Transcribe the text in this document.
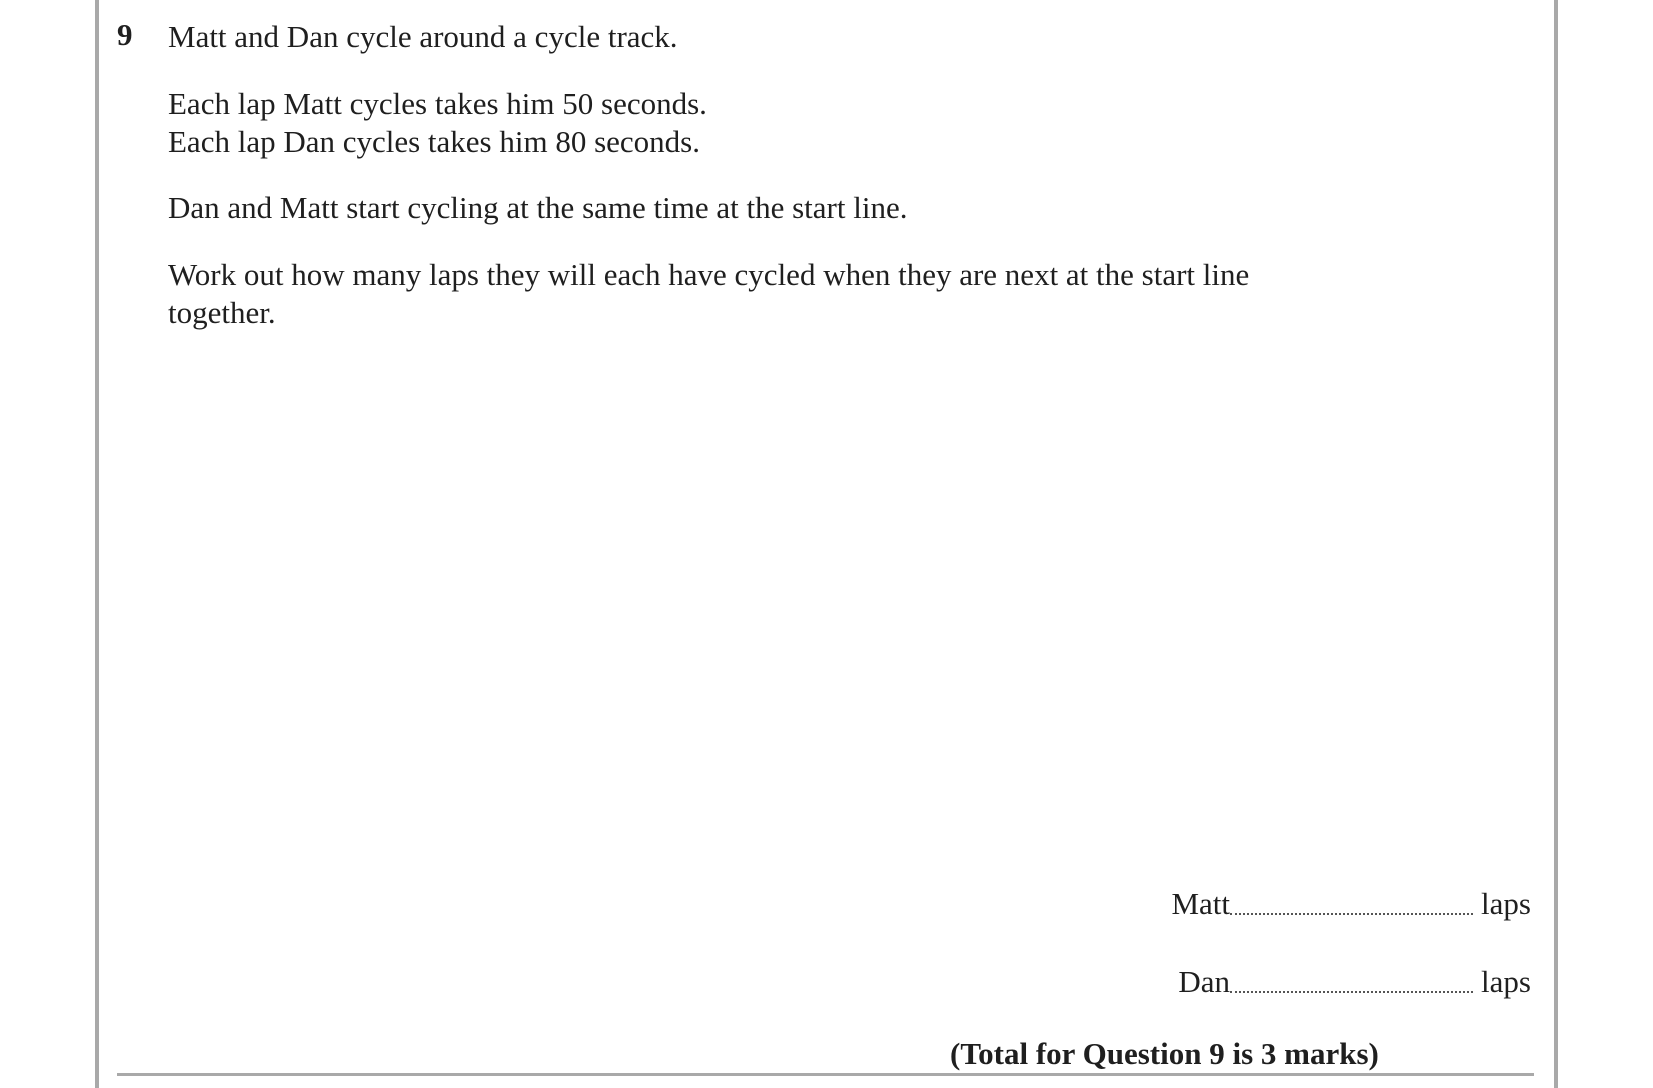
9 Matt and Dan cycle around a cycle track.
Each lap Matt cycles takes him 50 seconds.
Each lap Dan cycles takes him 80 seconds.
Dan and Matt start cycling at the same time at the start line.
Work out how many laps they will each have cycled when they are next at the start line
together.
Matt	laps
Dan	laps
(Total for Question 9 is 3 marks)
